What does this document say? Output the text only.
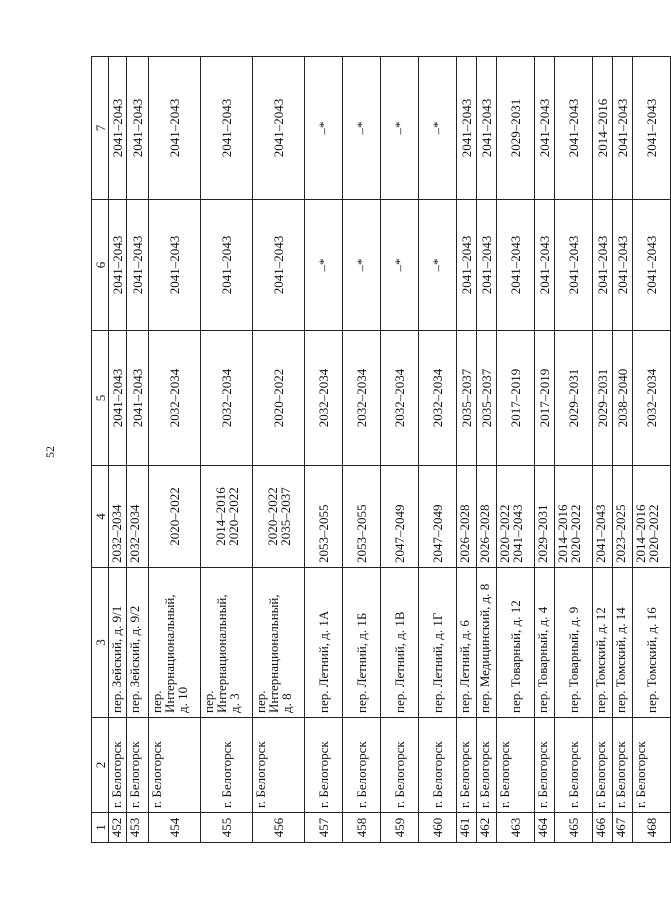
52
1	2	3	4	5	6	7
452	г. Белогорск	пер. Зейский, д. 9/1	2032–2034	2041–2043	2041–2043	2041–2043
453	г. Белогорск	пер. Зейский, д. 9/2	2032–2034	2041–2043	2041–2043	2041–2043
454	г. Белогорск	пер.
Интернациональный,
д. 10	2020–2022	2032–2034	2041–2043	2041–2043
455	г. Белогорск	пер.
Интернациональный,
д. 3	2014–2016
2020–2022	2032–2034	2041–2043	2041–2043
456	г. Белогорск	пер.
Интернациональный,
д. 8	2020–2022
2035–2037	2020–2022	2041–2043	2041–2043
457	г. Белогорск	пер. Летний, д. 1А	2053–2055	2032–2034	–*	–*
458	г. Белогорск	пер. Летний, д. 1Б	2053–2055	2032–2034	–*	–*
459	г. Белогорск	пер. Летний, д. 1В	2047–2049	2032–2034	–*	–*
460	г. Белогорск	пер. Летний, д. 1Г	2047–2049	2032–2034	–*	–*
461	г. Белогорск	пер. Летний, д. 6	2026–2028	2035–2037	2041–2043	2041–2043
462	г. Белогорск	пер. Медицинский, д. 8	2026–2028	2035–2037	2041–2043	2041–2043
463	г. Белогорск	пер. Товарный, д. 12	2020–2022
2041–2043	2017–2019	2041–2043	2029–2031
464	г. Белогорск	пер. Товарный, д. 4	2029–2031	2017–2019	2041–2043	2041–2043
465	г. Белогорск	пер. Товарный, д. 9	2014–2016
2020–2022	2029–2031	2041–2043	2041–2043
466	г. Белогорск	пер. Томский, д. 12	2041–2043	2029–2031	2041–2043	2014–2016
467	г. Белогорск	пер. Томский, д. 14	2023–2025	2038–2040	2041–2043	2041–2043
468	г. Белогорск	пер. Томский, д. 16	2014–2016
2020–2022	2032–2034	2041–2043	2041–2043
